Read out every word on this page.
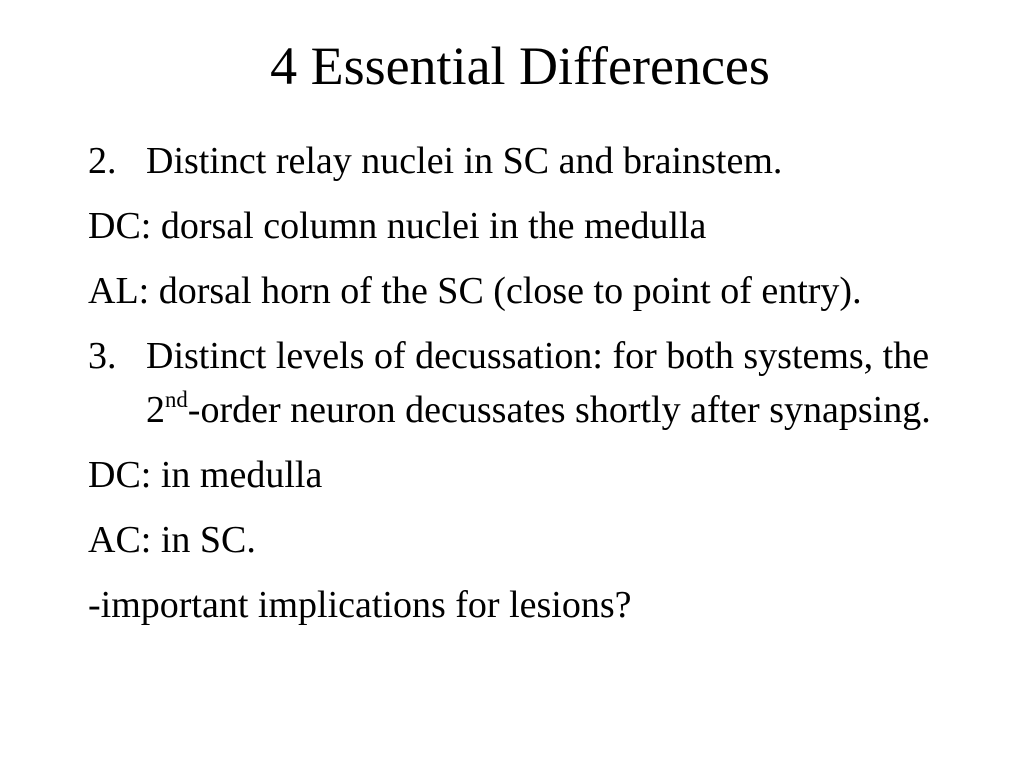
4 Essential Differences
2. Distinct relay nuclei in SC and brainstem.
DC: dorsal column nuclei in the medulla
AL: dorsal horn of the SC (close to point of entry).
3. Distinct levels of decussation: for both systems, the 2nd-order neuron decussates shortly after synapsing.
DC: in medulla
AC: in SC.
-important implications for lesions?
